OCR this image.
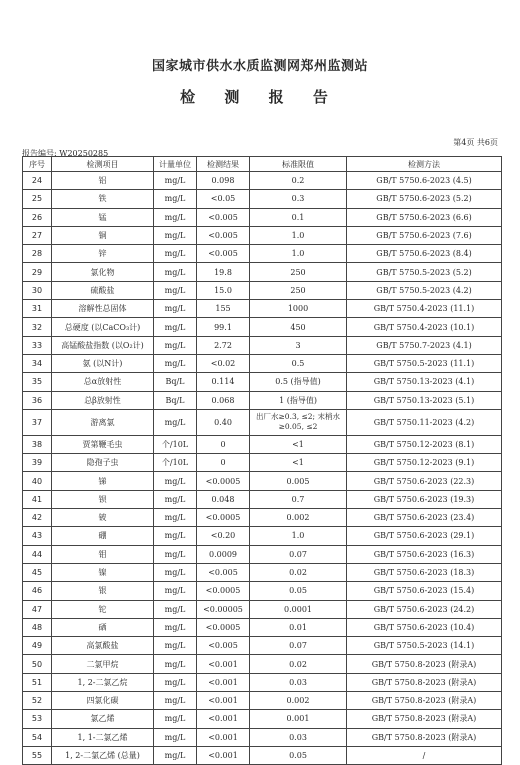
国家城市供水水质监测网郑州监测站
检 测 报 告
第4页 共6页
报告编号: W20250285
序号	检测项目	计量单位	检测结果	标准限值	检测方法
24	铝	mg/L	0.098	0.2	GB/T 5750.6-2023 (4.5)
25	铁	mg/L	<0.05	0.3	GB/T 5750.6-2023 (5.2)
26	锰	mg/L	<0.005	0.1	GB/T 5750.6-2023 (6.6)
27	铜	mg/L	<0.005	1.0	GB/T 5750.6-2023 (7.6)
28	锌	mg/L	<0.005	1.0	GB/T 5750.6-2023 (8.4)
29	氯化物	mg/L	19.8	250	GB/T 5750.5-2023 (5.2)
30	硫酸盐	mg/L	15.0	250	GB/T 5750.5-2023 (4.2)
31	溶解性总固体	mg/L	155	1000	GB/T 5750.4-2023 (11.1)
32	总硬度 (以CaCO₃计)	mg/L	99.1	450	GB/T 5750.4-2023 (10.1)
33	高锰酸盐指数 (以O₂计)	mg/L	2.72	3	GB/T 5750.7-2023 (4.1)
34	氨 (以N计)	mg/L	<0.02	0.5	GB/T 5750.5-2023 (11.1)
35	总α放射性	Bq/L	0.114	0.5 (指导值)	GB/T 5750.13-2023 (4.1)
36	总β放射性	Bq/L	0.068	1 (指导值)	GB/T 5750.13-2023 (5.1)
37	游离氯	mg/L	0.40	出厂水≥0.3, ≤2; 末梢水≥0.05, ≤2	GB/T 5750.11-2023 (4.2)
38	贾第鞭毛虫	个/10L	0	<1	GB/T 5750.12-2023 (8.1)
39	隐孢子虫	个/10L	0	<1	GB/T 5750.12-2023 (9.1)
40	锑	mg/L	<0.0005	0.005	GB/T 5750.6-2023 (22.3)
41	钡	mg/L	0.048	0.7	GB/T 5750.6-2023 (19.3)
42	铍	mg/L	<0.0005	0.002	GB/T 5750.6-2023 (23.4)
43	硼	mg/L	<0.20	1.0	GB/T 5750.6-2023 (29.1)
44	钼	mg/L	0.0009	0.07	GB/T 5750.6-2023 (16.3)
45	镍	mg/L	<0.005	0.02	GB/T 5750.6-2023 (18.3)
46	银	mg/L	<0.0005	0.05	GB/T 5750.6-2023 (15.4)
47	铊	mg/L	<0.00005	0.0001	GB/T 5750.6-2023 (24.2)
48	硒	mg/L	<0.0005	0.01	GB/T 5750.6-2023 (10.4)
49	高氯酸盐	mg/L	<0.005	0.07	GB/T 5750.5-2023 (14.1)
50	二氯甲烷	mg/L	<0.001	0.02	GB/T 5750.8-2023 (附录A)
51	1, 2-二氯乙烷	mg/L	<0.001	0.03	GB/T 5750.8-2023 (附录A)
52	四氯化碳	mg/L	<0.001	0.002	GB/T 5750.8-2023 (附录A)
53	氯乙烯	mg/L	<0.001	0.001	GB/T 5750.8-2023 (附录A)
54	1, 1-二氯乙烯	mg/L	<0.001	0.03	GB/T 5750.8-2023 (附录A)
55	1, 2-二氯乙烯 (总量)	mg/L	<0.001	0.05	/
